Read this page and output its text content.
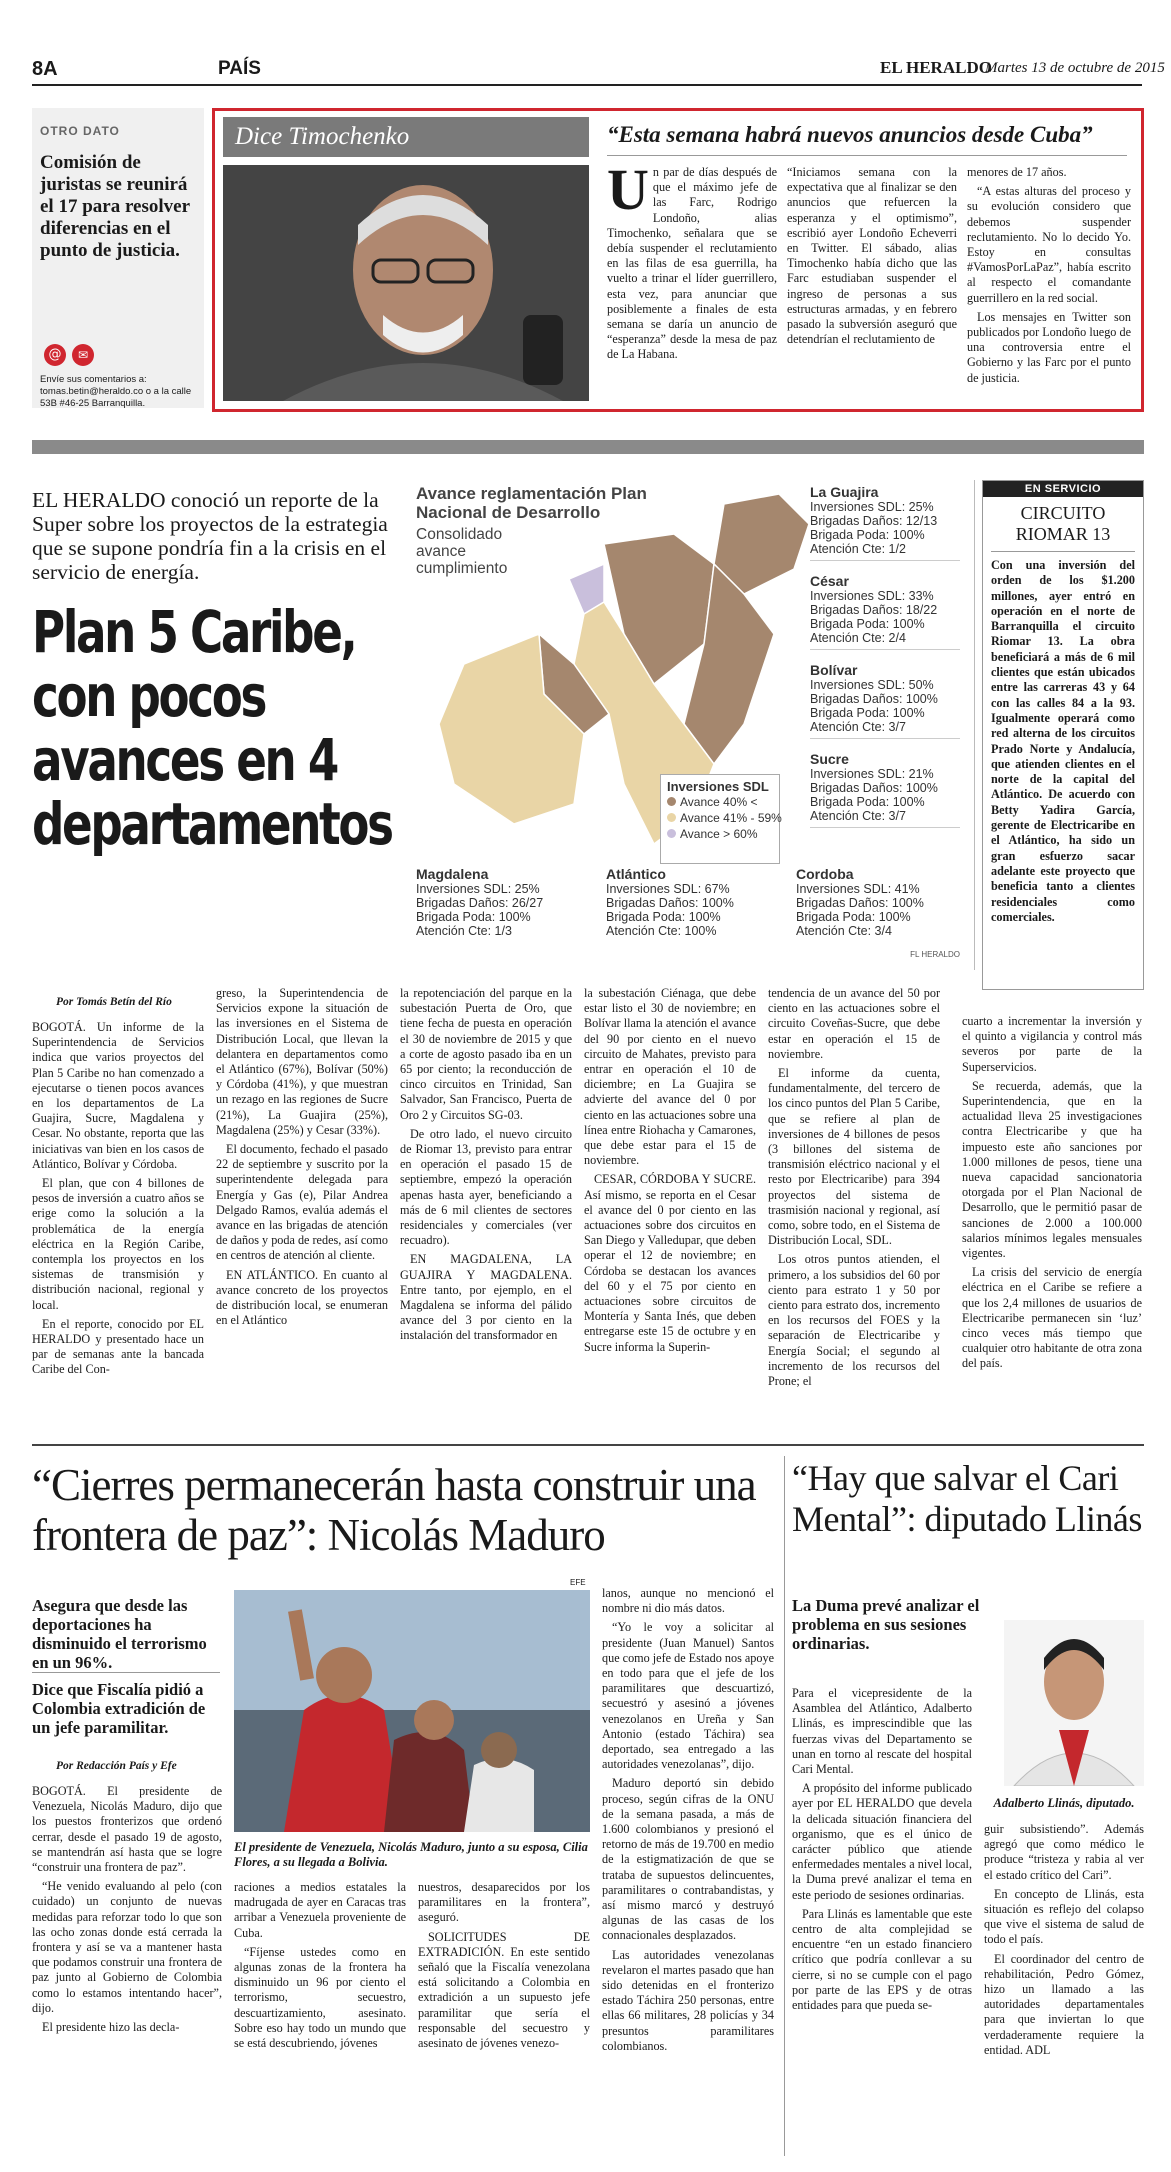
8A	PAÍS	EL HERALDO
Martes 13 de octubre de 2015
OTRO DATO
Comisión de juristas se reunirá el 17 para resolver diferencias en el punto de justicia.
@	✉
Envíe sus comentarios a: tomas.betin@heraldo.co o a la calle 53B #46-25 Barranquilla.
Dice Timochenko	“Esta semana habrá nuevos anuncios desde Cuba”
U n par de días después de que el máximo jefe de las Farc, Rodrigo Londoño, alias Timochenko, señalara que se debía suspender el reclutamiento en las filas de esa guerrilla, ha vuelto a trinar el líder guerrillero, esta vez, para anunciar que posiblemente a finales de esta semana se daría un anuncio de “esperanza” desde la mesa de paz de La Habana.
“Iniciamos semana con la expectativa que al finalizar se den anuncios que refuercen la esperanza y el optimismo”, escribió ayer Londoño Echeverri en Twitter. El sábado, alias Timochenko había dicho que las Farc estudiaban suspender el ingreso de personas a sus estructuras armadas, y en febrero pasado la subversión aseguró que detendrían el reclutamiento de

menores de 17 años.

“A estas alturas del proceso y su evolución considero que debemos suspender reclutamiento. No lo decido Yo. Estoy en consultas #VamosPorLaPaz”, había escrito al respecto el comandante guerrillero en la red social.

Los mensajes en Twitter son publicados por Londoño luego de una controversia entre el Gobierno y las Farc por el punto de justicia.

EL HERALDO conoció un reporte de la Super sobre los proyectos de la estrategia que se supone pondría fin a la crisis en el servicio de energía.
Plan 5 Caribe, con pocos avances en 4 departamentos
Avance reglamentación Plan Nacional de Desarrollo
Consolidado avance cumplimiento
Inversiones SDL
Avance 40% <
Avance 41% - 59%
Avance > 60%
La Guajira
Inversiones SDL: 25%
Brigadas Daños: 12/13
Brigada Poda: 100%
Atención Cte: 1/2
César
Inversiones SDL: 33%
Brigadas Daños: 18/22
Brigada Poda: 100%
Atención Cte: 2/4
Bolívar
Inversiones SDL: 50%
Brigadas Daños: 100%
Brigada Poda: 100%
Atención Cte: 3/7
Sucre
Inversiones SDL: 21%
Brigadas Daños: 100%
Brigada Poda: 100%
Atención Cte: 3/7
Magdalena
Inversiones SDL: 25%
Brigadas Daños: 26/27
Brigada Poda: 100%
Atención Cte: 1/3
Atlántico
Inversiones SDL: 67%
Brigadas Daños: 100%
Brigada Poda: 100%
Atención Cte: 100%
Cordoba
Inversiones SDL: 41%
Brigadas Daños: 100%
Brigada Poda: 100%
Atención Cte: 3/4
FL HERALDO
EN SERVICIO
CIRCUITO RIOMAR 13
Con una inversión del orden de los $1.200 millones, ayer entró en operación en el norte de Barranquilla el circuito Riomar 13. La obra beneficiará a más de 6 mil clientes que están ubicados entre las carreras 43 y 64 con las calles 84 a la 93. Igualmente operará como red alterna de los circuitos Prado Norte y Andalucía, que atienden clientes en el norte de la capital del Atlántico. De acuerdo con Betty Yadira García, gerente de Electricaribe en el Atlántico, ha sido un gran esfuerzo sacar adelante este proyecto que beneficia tanto a clientes residenciales como comerciales.
Por Tomás Betín del Río

BOGOTÁ. Un informe de la Superintendencia de Servicios indica que varios proyectos del Plan 5 Caribe no han comenzado a ejecutarse o tienen pocos avances en los departamentos de La Guajira, Sucre, Magdalena y Cesar. No obstante, reporta que las iniciativas van bien en los casos de Atlántico, Bolívar y Córdoba.

El plan, que con 4 billones de pesos de inversión a cuatro años se erige como la solución a la problemática de la energía eléctrica en la Región Caribe, contempla los proyectos en los sistemas de transmisión y distribución nacional, regional y local.

En el reporte, conocido por EL HERALDO y presentado hace un par de semanas ante la bancada Caribe del Con-

greso, la Superintendencia de Servicios expone la situación de las inversiones en el Sistema de Distribución Local, que llevan la delantera en departamentos como el Atlántico (67%), Bolívar (50%) y Córdoba (41%), y que muestran un rezago en las regiones de Sucre (21%), La Guajira (25%), Magdalena (25%) y Cesar (33%).

El documento, fechado el pasado 22 de septiembre y suscrito por la superintendente delegada para Energía y Gas (e), Pilar Andrea Delgado Ramos, evalúa además el avance en las brigadas de atención de daños y poda de redes, así como en centros de atención al cliente.

EN ATLÁNTICO. En cuanto al avance concreto de los proyectos de distribución local, se enumeran en el Atlántico

la repotenciación del parque en la subestación Puerta de Oro, que tiene fecha de puesta en operación el 30 de noviembre de 2015 y que a corte de agosto pasado iba en un 65 por ciento; la reconducción de cinco circuitos en Trinidad, San Salvador, San Francisco, Puerta de Oro 2 y Circuitos SG-03.

De otro lado, el nuevo circuito de Riomar 13, previsto para entrar en operación el pasado 15 de septiembre, empezó la operación apenas hasta ayer, beneficiando a más de 6 mil clientes de sectores residenciales y comerciales (ver recuadro).

EN MAGDALENA, LA GUAJIRA Y MAGDALENA. Entre tanto, por ejemplo, en el Magdalena se informa del pálido avance del 3 por ciento en la instalación del transformador en

la subestación Ciénaga, que debe estar listo el 30 de noviembre; en Bolívar llama la atención el avance del 90 por ciento en el nuevo circuito de Mahates, previsto para entrar en operación el 10 de diciembre; en La Guajira se advierte del avance del 0 por ciento en las actuaciones sobre una línea entre Riohacha y Camarones, que debe estar para el 15 de noviembre.

CESAR, CÓRDOBA Y SUCRE. Así mismo, se reporta en el Cesar el avance del 0 por ciento en las actuaciones sobre dos circuitos en San Diego y Valledupar, que deben operar el 12 de noviembre; en Córdoba se destacan los avances del 60 y el 75 por ciento en actuaciones sobre circuitos de Montería y Santa Inés, que deben entregarse este 15 de octubre y en Sucre informa la Superin-

tendencia de un avance del 50 por ciento en las actuaciones sobre el circuito Coveñas-Sucre, que debe estar en operación el 15 de noviembre.

El informe da cuenta, fundamentalmente, del tercero de los cinco puntos del Plan 5 Caribe, que se refiere al plan de inversiones de 4 billones de pesos (3 billones del sistema de transmisión eléctrico nacional y el resto por Electricaribe) para 394 proyectos del sistema de trasmisión nacional y regional, así como, sobre todo, en el Sistema de Distribución Local, SDL.

Los otros puntos atienden, el primero, a los subsidios del 60 por ciento para estrato 1 y 50 por ciento para estrato dos, incremento en los recursos del FOES y la separación de Electricaribe y Energía Social; el segundo al incremento de los recursos del Prone; el

cuarto a incrementar la inversión y el quinto a vigilancia y control más severos por parte de la Superservicios.

Se recuerda, además, que la Superintendencia, que en la actualidad lleva 25 investigaciones contra Electricaribe y que ha impuesto este año sanciones por 1.000 millones de pesos, tiene una nueva capacidad sancionatoria otorgada por el Plan Nacional de Desarrollo, que le permitió pasar de sanciones de 2.000 a 100.000 salarios mínimos legales mensuales vigentes.

La crisis del servicio de energía eléctrica en el Caribe se refiere a que los 2,4 millones de usuarios de Electricaribe permanecen sin ‘luz’ cinco veces más tiempo que cualquier otro habitante de otra zona del país.

“Cierres permanecerán hasta construir una frontera de paz”: Nicolás Maduro
EFE
Asegura que desde las deportaciones ha disminuido el terrorismo en un 96%.
Dice que Fiscalía pidió a Colombia extradición de un jefe paramilitar.
Por Redacción País y Efe
El presidente de Venezuela, Nicolás Maduro, junto a su esposa, Cilia Flores, a su llegada a Bolivia.

BOGOTÁ. El presidente de Venezuela, Nicolás Maduro, dijo que los puestos fronterizos que ordenó cerrar, desde el pasado 19 de agosto, se mantendrán así hasta que se logre “construir una frontera de paz”.

“He venido evaluando al pelo (con cuidado) un conjunto de nuevas medidas para reforzar todo lo que son las ocho zonas donde está cerrada la frontera y así se va a mantener hasta que podamos construir una frontera de paz junto al Gobierno de Colombia como lo estamos intentando hacer”, dijo.

El presidente hizo las decla-

raciones a medios estatales la madrugada de ayer en Caracas tras arribar a Venezuela proveniente de Cuba.

“Fíjense ustedes como en algunas zonas de la frontera ha disminuido un 96 por ciento el terrorismo, secuestro, descuartizamiento, asesinato. Sobre eso hay todo un mundo que se está descubriendo, jóvenes

nuestros, desaparecidos por los paramilitares en la frontera”, aseguró.

SOLICITUDES DE EXTRADICIÓN. En este sentido señaló que la Fiscalía venezolana está solicitando a Colombia en extradición a un supuesto jefe paramilitar que sería el responsable del secuestro y asesinato de jóvenes venezo-

lanos, aunque no mencionó el nombre ni dio más datos.

“Yo le voy a solicitar al presidente (Juan Manuel) Santos que como jefe de Estado nos apoye en todo para que el jefe de los paramilitares que descuartizó, secuestró y asesinó a jóvenes venezolanos en Ureña y San Antonio (estado Táchira) sea deportado, sea entregado a las autoridades venezolanas”, dijo.

Maduro deportó sin debido proceso, según cifras de la ONU de la semana pasada, a más de 1.600 colombianos y presionó el retorno de más de 19.700 en medio de la estigmatización de que se trataba de supuestos delincuentes, paramilitares o contrabandistas, y así mismo marcó y destruyó algunas de las casas de los connacionales desplazados.

Las autoridades venezolanas revelaron el martes pasado que han sido detenidas en el fronterizo estado Táchira 250 personas, entre ellas 66 militares, 28 policías y 34 presuntos paramilitares colombianos.

“Hay que salvar el Cari Mental”: diputado Llinás
La Duma prevé analizar el problema en sus sesiones ordinarias.
Adalberto Llinás, diputado.

Para el vicepresidente de la Asamblea del Atlántico, Adalberto Llinás, es imprescindible que las fuerzas vivas del Departamento se unan en torno al rescate del hospital Cari Mental.

A propósito del informe publicado ayer por EL HERALDO que devela la delicada situación financiera del organismo, que es el único de carácter público que atiende enfermedades mentales a nivel local, la Duma prevé analizar el tema en este periodo de sesiones ordinarias.

Para Llinás es lamentable que este centro de alta complejidad se encuentre “en un estado financiero crítico que podría conllevar a su cierre, si no se cumple con el pago por parte de las EPS y de otras entidades para que pueda se-

guir subsistiendo”. Además agregó que como médico le produce “tristeza y rabia al ver el estado crítico del Cari”.

En concepto de Llinás, esta situación es reflejo del colapso que vive el sistema de salud de todo el país.

El coordinador del centro de rehabilitación, Pedro Gómez, hizo un llamado a las autoridades departamentales para que inviertan lo que verdaderamente requiere la entidad. ADL
